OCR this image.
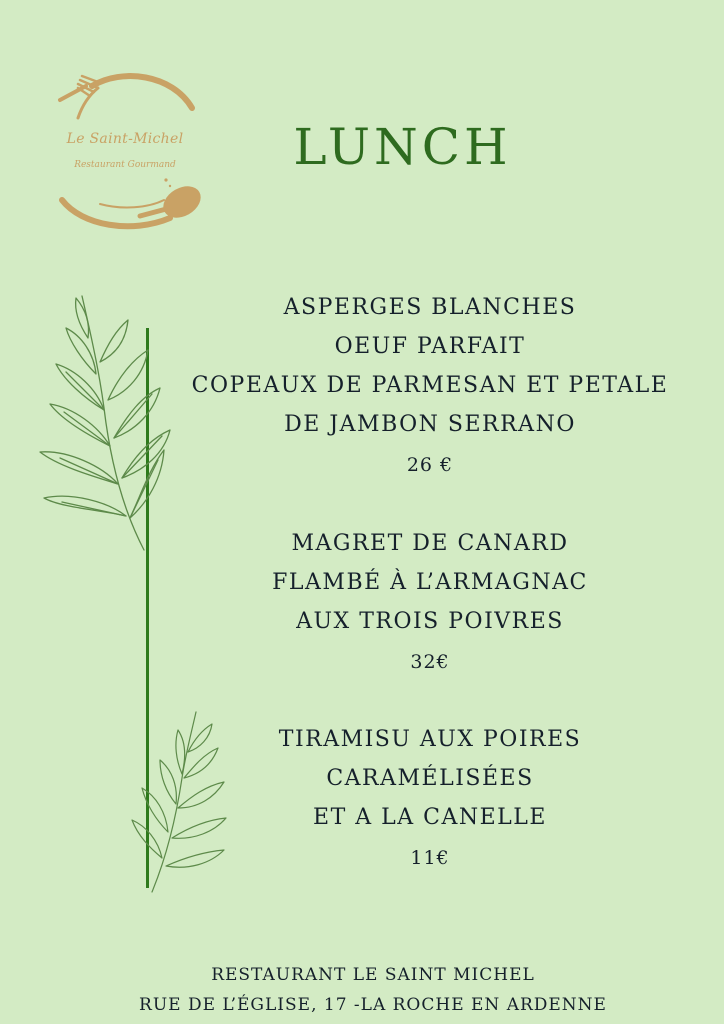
Le Saint-Michel
Restaurant Gourmand	LUNCH
ASPERGES BLANCHES
OEUF PARFAIT
COPEAUX DE PARMESAN ET PETALE
DE JAMBON SERRANO
26 €
MAGRET DE CANARD
FLAMBÉ À L’ARMAGNAC
AUX TROIS POIVRES
32€
TIRAMISU AUX POIRES
CARAMÉLISÉES
ET A LA CANELLE
11€
RESTAURANT LE SAINT MICHEL
RUE DE L’ÉGLISE, 17 -LA ROCHE EN ARDENNE
